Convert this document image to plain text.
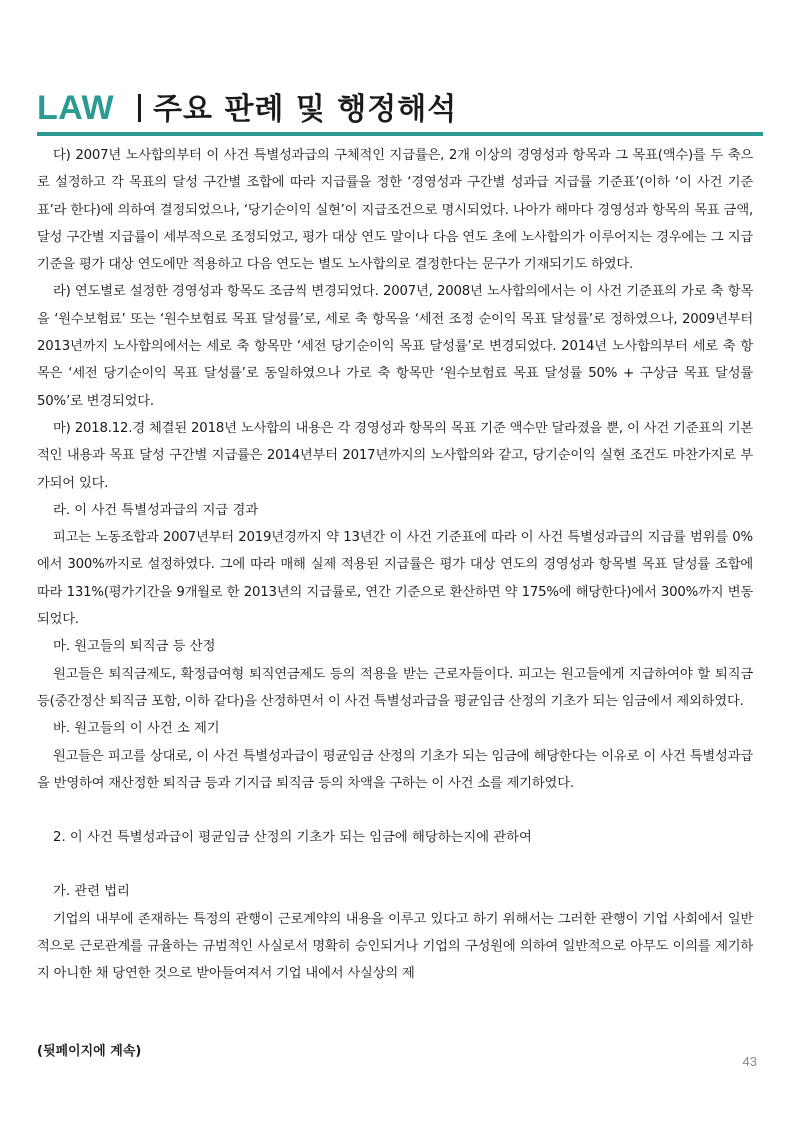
LAW 주요 판례 및 행정해석

다) 2007년 노사합의부터 이 사건 특별성과급의 구체적인 지급률은, 2개 이상의 경영성과 항목과 그 목표(액수)를 두 축으로 설정하고 각 목표의 달성 구간별 조합에 따라 지급률을 정한 ‘경영성과 구간별 성과급 지급률 기준표’(이하 ‘이 사건 기준표’라 한다)에 의하여 결정되었으나, ‘당기순이익 실현’이 지급조건으로 명시되었다. 나아가 해마다 경영성과 항목의 목표 금액, 달성 구간별 지급률이 세부적으로 조정되었고, 평가 대상 연도 말이나 다음 연도 초에 노사합의가 이루어지는 경우에는 그 지급기준을 평가 대상 연도에만 적용하고 다음 연도는 별도 노사합의로 결정한다는 문구가 기재되기도 하였다.

라) 연도별로 설정한 경영성과 항목도 조금씩 변경되었다. 2007년, 2008년 노사합의에서는 이 사건 기준표의 가로 축 항목을 ‘원수보험료’ 또는 ‘원수보험료 목표 달성률’로, 세로 축 항목을 ‘세전 조정 순이익 목표 달성률’로 정하였으나, 2009년부터 2013년까지 노사합의에서는 세로 축 항목만 ‘세전 당기순이익 목표 달성률’로 변경되었다. 2014년 노사합의부터 세로 축 항목은 ‘세전 당기순이익 목표 달성률’로 동일하였으나 가로 축 항목만 ‘원수보험료 목표 달성률 50% + 구상금 목표 달성률 50%’로 변경되었다.

마) 2018.12.경 체결된 2018년 노사합의 내용은 각 경영성과 항목의 목표 기준 액수만 달라졌을 뿐, 이 사건 기준표의 기본적인 내용과 목표 달성 구간별 지급률은 2014년부터 2017년까지의 노사합의와 같고, 당기순이익 실현 조건도 마찬가지로 부가되어 있다.

라. 이 사건 특별성과급의 지급 경과

피고는 노동조합과 2007년부터 2019년경까지 약 13년간 이 사건 기준표에 따라 이 사건 특별성과급의 지급률 범위를 0%에서 300%까지로 설정하였다. 그에 따라 매해 실제 적용된 지급률은 평가 대상 연도의 경영성과 항목별 목표 달성률 조합에 따라 131%(평가기간을 9개월로 한 2013년의 지급률로, 연간 기준으로 환산하면 약 175%에 해당한다)에서 300%까지 변동되었다.

마. 원고들의 퇴직금 등 산정

원고들은 퇴직금제도, 확정급여형 퇴직연금제도 등의 적용을 받는 근로자들이다. 피고는 원고들에게 지급하여야 할 퇴직금 등(중간정산 퇴직금 포함, 이하 같다)을 산정하면서 이 사건 특별성과급을 평균임금 산정의 기초가 되는 임금에서 제외하였다.

바. 원고들의 이 사건 소 제기

원고들은 피고를 상대로, 이 사건 특별성과급이 평균임금 산정의 기초가 되는 임금에 해당한다는 이유로 이 사건 특별성과급을 반영하여 재산정한 퇴직금 등과 기지급 퇴직금 등의 차액을 구하는 이 사건 소를 제기하였다.

2. 이 사건 특별성과급이 평균임금 산정의 기초가 되는 임금에 해당하는지에 관하여

가. 관련 법리

기업의 내부에 존재하는 특정의 관행이 근로계약의 내용을 이루고 있다고 하기 위해서는 그러한 관행이 기업 사회에서 일반적으로 근로관계를 규율하는 규범적인 사실로서 명확히 승인되거나 기업의 구성원에 의하여 일반적으로 아무도 이의를 제기하지 아니한 채 당연한 것으로 받아들여져서 기업 내에서 사실상의 제

(뒷페이지에 계속)
43
